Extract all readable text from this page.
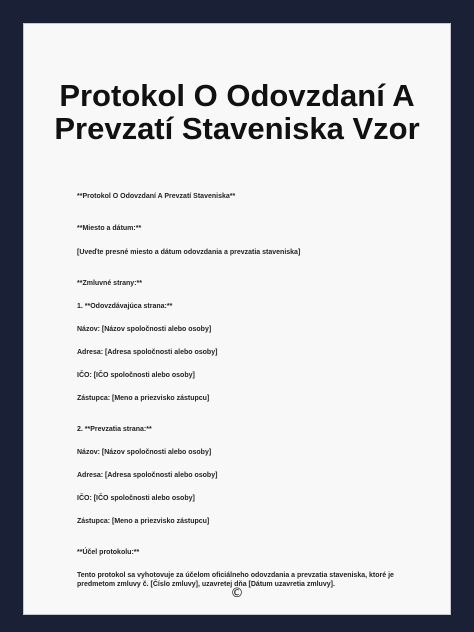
Protokol O Odovzdaní A
Prevzatí Staveniska Vzor
**Protokol O Odovzdaní A Prevzatí Staveniska**
**Miesto a dátum:**
[Uveďte presné miesto a dátum odovzdania a prevzatia staveniska]
**Zmluvné strany:**
1. **Odovzdávajúca strana:**
Názov: [Názov spoločnosti alebo osoby]
Adresa: [Adresa spoločnosti alebo osoby]
IČO: [IČO spoločnosti alebo osoby]
Zástupca: [Meno a priezvisko zástupcu]
2. **Prevzatia strana:**
Názov: [Názov spoločnosti alebo osoby]
Adresa: [Adresa spoločnosti alebo osoby]
IČO: [IČO spoločnosti alebo osoby]
Zástupca: [Meno a priezvisko zástupcu]
**Účel protokolu:**
Tento protokol sa vyhotovuje za účelom oficiálneho odovzdania a prevzatia staveniska, ktoré je predmetom zmluvy č. [Číslo zmluvy], uzavretej dňa [Dátum uzavretia zmluvy].
©
